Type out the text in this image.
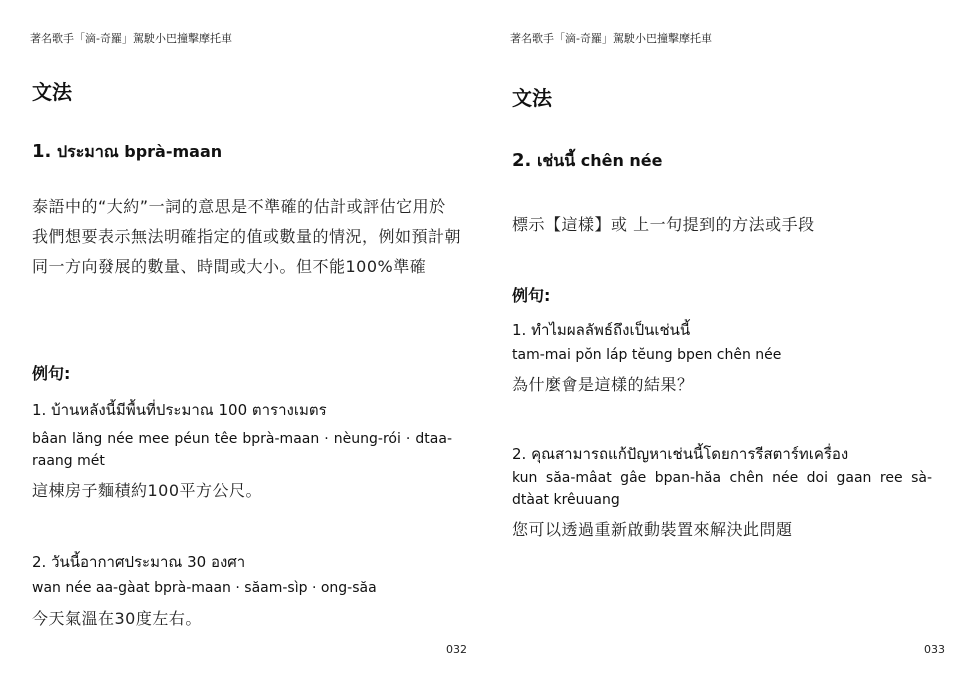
著名歌手「滴-奇羅」駕駛小巴撞擊摩托車
文法
1. ประมาณ bprà-maan
泰語中的“大約”一詞的意思是不準確的估計或評估它用於我們想要表示無法明確指定的值或數量的情況，例如預計朝同一方向發展的數量、時間或大小。但不能100%準確
例句:
1. บ้านหลังนี้มีพื้นที่ประมาณ 100 ตารางเมตร
bâan lăng née mee péun têe bprà-maan · nèung-rói · dtaa-raang mét
這棟房子麵積約100平方公尺。
2. วันนี้อากาศประมาณ 30 องศา
wan née aa-gàat bprà-maan · săam-sìp · ong-săa
今天氣溫在30度左右。
032
著名歌手「滴-奇羅」駕駛小巴撞擊摩托車
文法
2. เช่นนี้ chên née
標示【這樣】或 上一句提到的方法或手段
例句:
1. ทำไมผลลัพธ์ถึงเป็นเช่นนี้
tam-mai pŏn láp tĕung bpen chên née
為什麼會是這樣的結果？
2. คุณสามารถแก้ปัญหาเช่นนี้โดยการรีสตาร์ทเครื่อง
kun săa-mâat gâe bpan-hăa chên née doi gaan ree sà-dtàat krêuuang
您可以透過重新啟動裝置來解決此問題
033
